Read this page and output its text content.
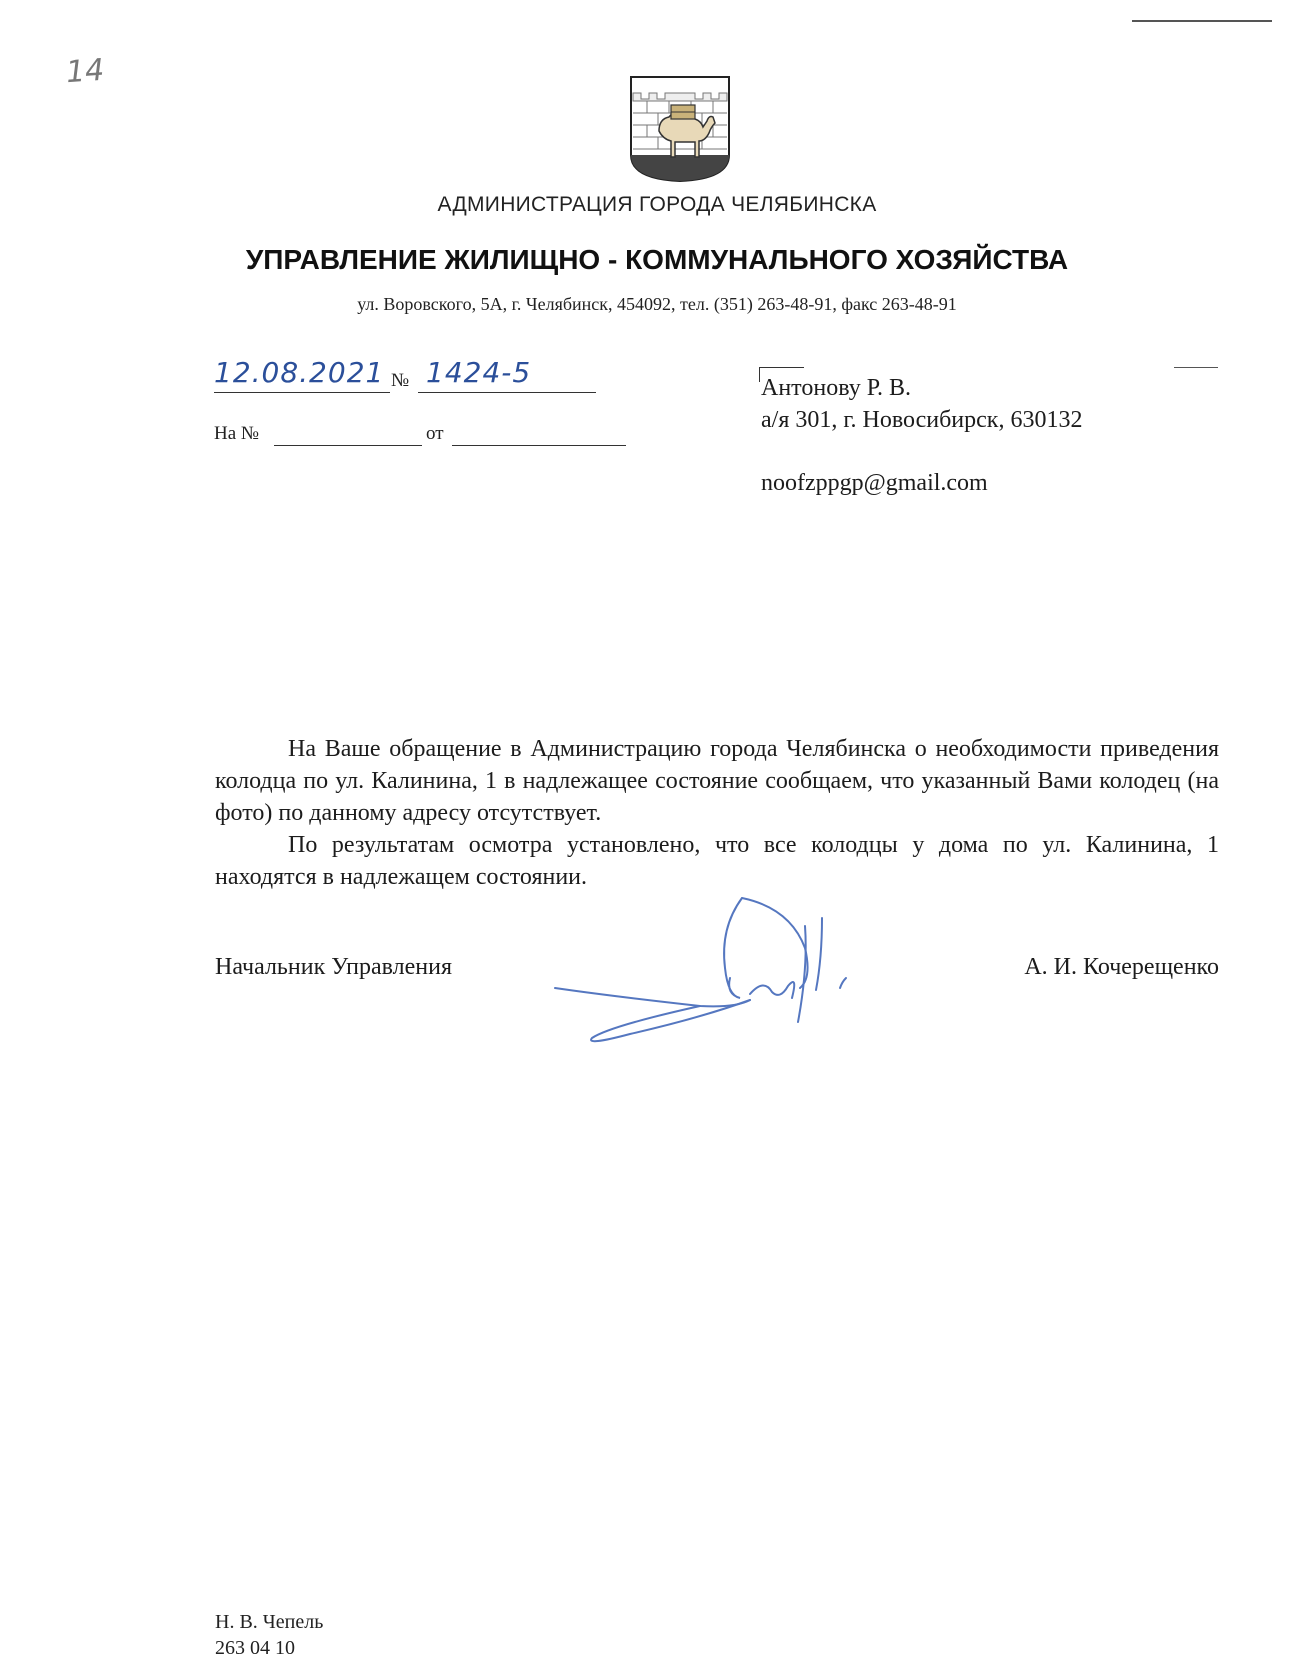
14
АДМИНИСТРАЦИЯ ГОРОДА ЧЕЛЯБИНСКА
УПРАВЛЕНИЕ ЖИЛИЩНО - КОММУНАЛЬНОГО ХОЗЯЙСТВА
ул. Воровского, 5А, г. Челябинск, 454092, тел. (351) 263-48-91, факс 263-48-91
12.08.2021 № 1424-5
На №	от
Антонову Р. В.
а/я 301, г. Новосибирск, 630132
noofzppgp@gmail.com

На Ваше обращение в Администрацию города Челябинска о необходимости приведения колодца по ул. Калинина, 1 в надлежащее состояние сообщаем, что указанный Вами колодец (на фото) по данному адресу отсутствует.

По результатам осмотра установлено, что все колодцы у дома по ул. Калинина, 1 находятся в надлежащем состоянии.

Начальник Управления	А. И. Кочерещенко
Н. В. Чепель
263 04 10
